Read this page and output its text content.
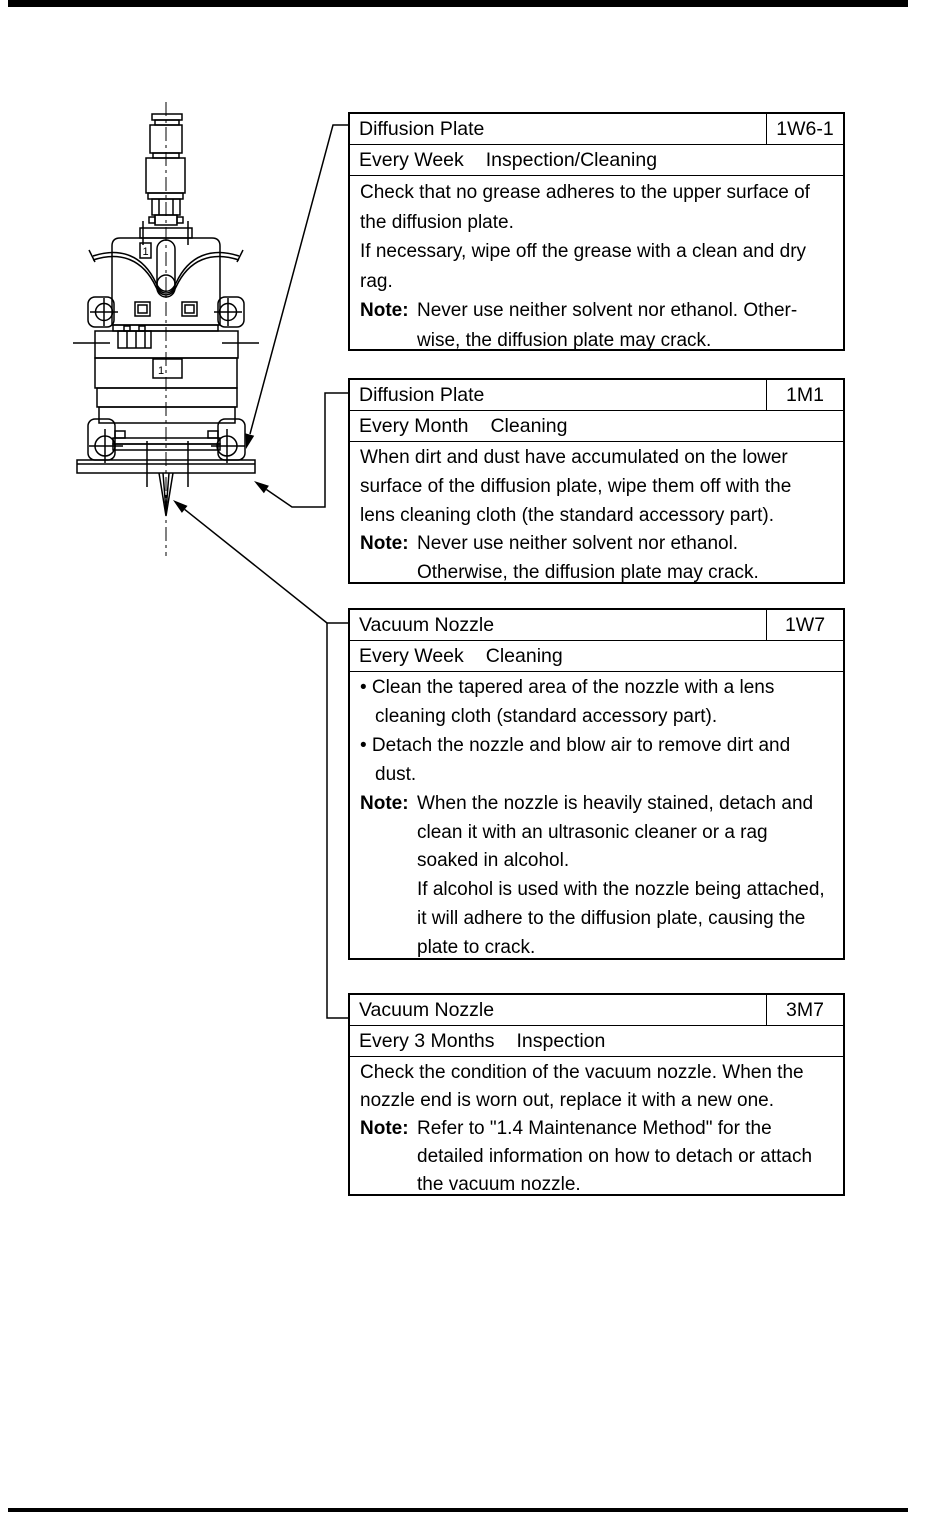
1
1
Diffusion Plate	1W6-1
Every Week Inspection/Cleaning
Check that no grease adheres to the upper surface of
the diffusion plate.
If necessary, wipe off the grease with a clean and dry
rag.
Note: Never use neither solvent nor ethanol. Other-
wise, the diffusion plate may crack.
Diffusion Plate	1M1
Every Month Cleaning
When dirt and dust have accumulated on the lower
surface of the diffusion plate, wipe them off with the
lens cleaning cloth (the standard accessory part).
Note: Never use neither solvent nor ethanol.
Otherwise, the diffusion plate may crack.
Vacuum Nozzle	1W7
Every Week Cleaning
• Clean the tapered area of the nozzle with a lens
cleaning cloth (standard accessory part).
• Detach the nozzle and blow air to remove dirt and
dust.
Note: When the nozzle is heavily stained, detach and
clean it with an ultrasonic cleaner or a rag
soaked in alcohol.
If alcohol is used with the nozzle being attached,
it will adhere to the diffusion plate, causing the
plate to crack.
Vacuum Nozzle	3M7
Every 3 Months Inspection
Check the condition of the vacuum nozzle. When the
nozzle end is worn out, replace it with a new one.
Note: Refer to "1.4 Maintenance Method" for the
detailed information on how to detach or attach
the vacuum nozzle.
